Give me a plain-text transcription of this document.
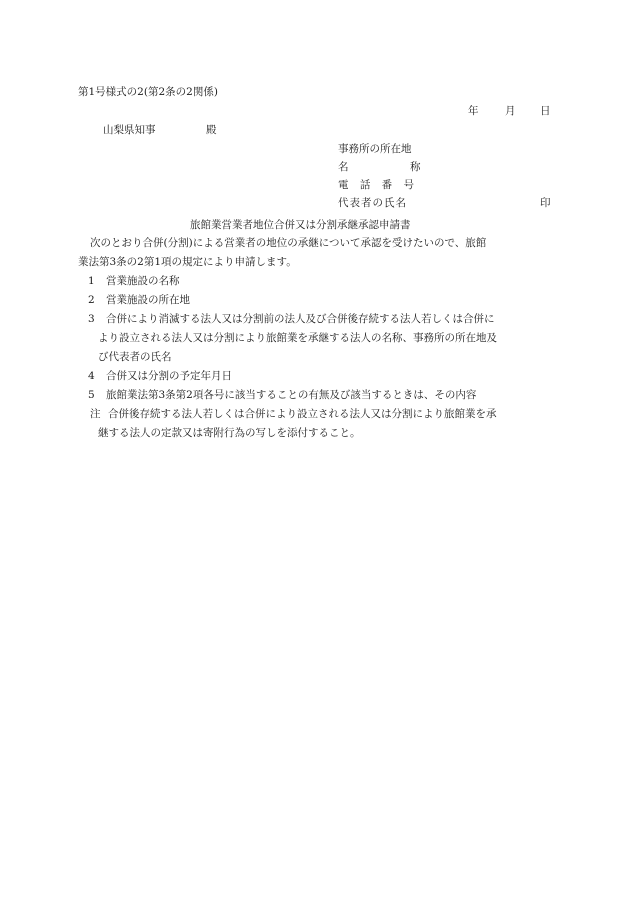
第1号様式の2(第2条の2関係)
年	月 日
山梨県知事	殿
事務所の所在地
名	称
電 話 番 号
代表者の氏名	印
旅館業営業者地位合併又は分割承継承認申請書
次のとおり合併(分割)による営業者の地位の承継について承認を受けたいので、旅館
業法第3条の2第1項の規定により申請します。
1 営業施設の名称
2 営業施設の所在地
3 合併により消滅する法人又は分割前の法人及び合併後存続する法人若しくは合併に
より設立される法人又は分割により旅館業を承継する法人の名称、事務所の所在地及
び代表者の氏名
4 合併又は分割の予定年月日
5 旅館業法第3条第2項各号に該当することの有無及び該当するときは、その内容
注 合併後存続する法人若しくは合併により設立される法人又は分割により旅館業を承
継する法人の定款又は寄附行為の写しを添付すること。
